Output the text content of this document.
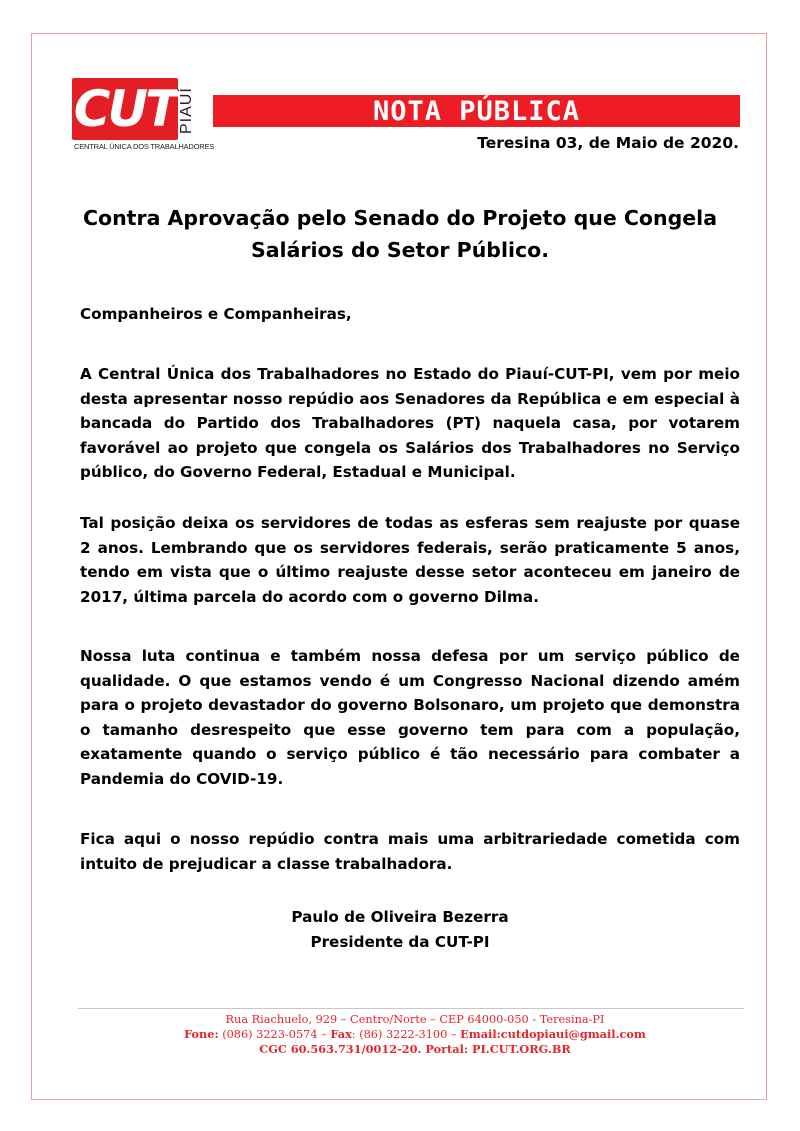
CUT PIAUÍ
CENTRAL ÚNICA DOS TRABALHADORES
NOTA PÚBLICA
Teresina 03, de Maio de 2020.
Contra Aprovação pelo Senado do Projeto que Congela
Salários do Setor Público.
Companheiros e Companheiras,
A Central Única dos Trabalhadores no Estado do Piauí-CUT-PI, vem por meio desta apresentar nosso repúdio aos Senadores da República e em especial à bancada do Partido dos Trabalhadores (PT) naquela casa, por votarem favorável ao projeto que congela os Salários dos Trabalhadores no Serviço público, do Governo Federal, Estadual e Municipal.
Tal posição deixa os servidores de todas as esferas sem reajuste por quase 2 anos. Lembrando que os servidores federais, serão praticamente 5 anos, tendo em vista que o último reajuste desse setor aconteceu em janeiro de 2017, última parcela do acordo com o governo Dilma.
Nossa luta continua e também nossa defesa por um serviço público de qualidade. O que estamos vendo é um Congresso Nacional dizendo amém para o projeto devastador do governo Bolsonaro, um projeto que demonstra o tamanho desrespeito que esse governo tem para com a população, exatamente quando o serviço público é tão necessário para combater a Pandemia do COVID-19.
Fica aqui o nosso repúdio contra mais uma arbitrariedade cometida com intuito de prejudicar a classe trabalhadora.
Paulo de Oliveira Bezerra
Presidente da CUT-PI
Rua Riachuelo, 929 – Centro/Norte – CEP 64000-050 - Teresina-PI
Fone: (086) 3223-0574 – Fax: (86) 3222-3100 – Email:cutdopiaui@gmail.com
CGC 60.563.731/0012-20. Portal: PI.CUT.ORG.BR
